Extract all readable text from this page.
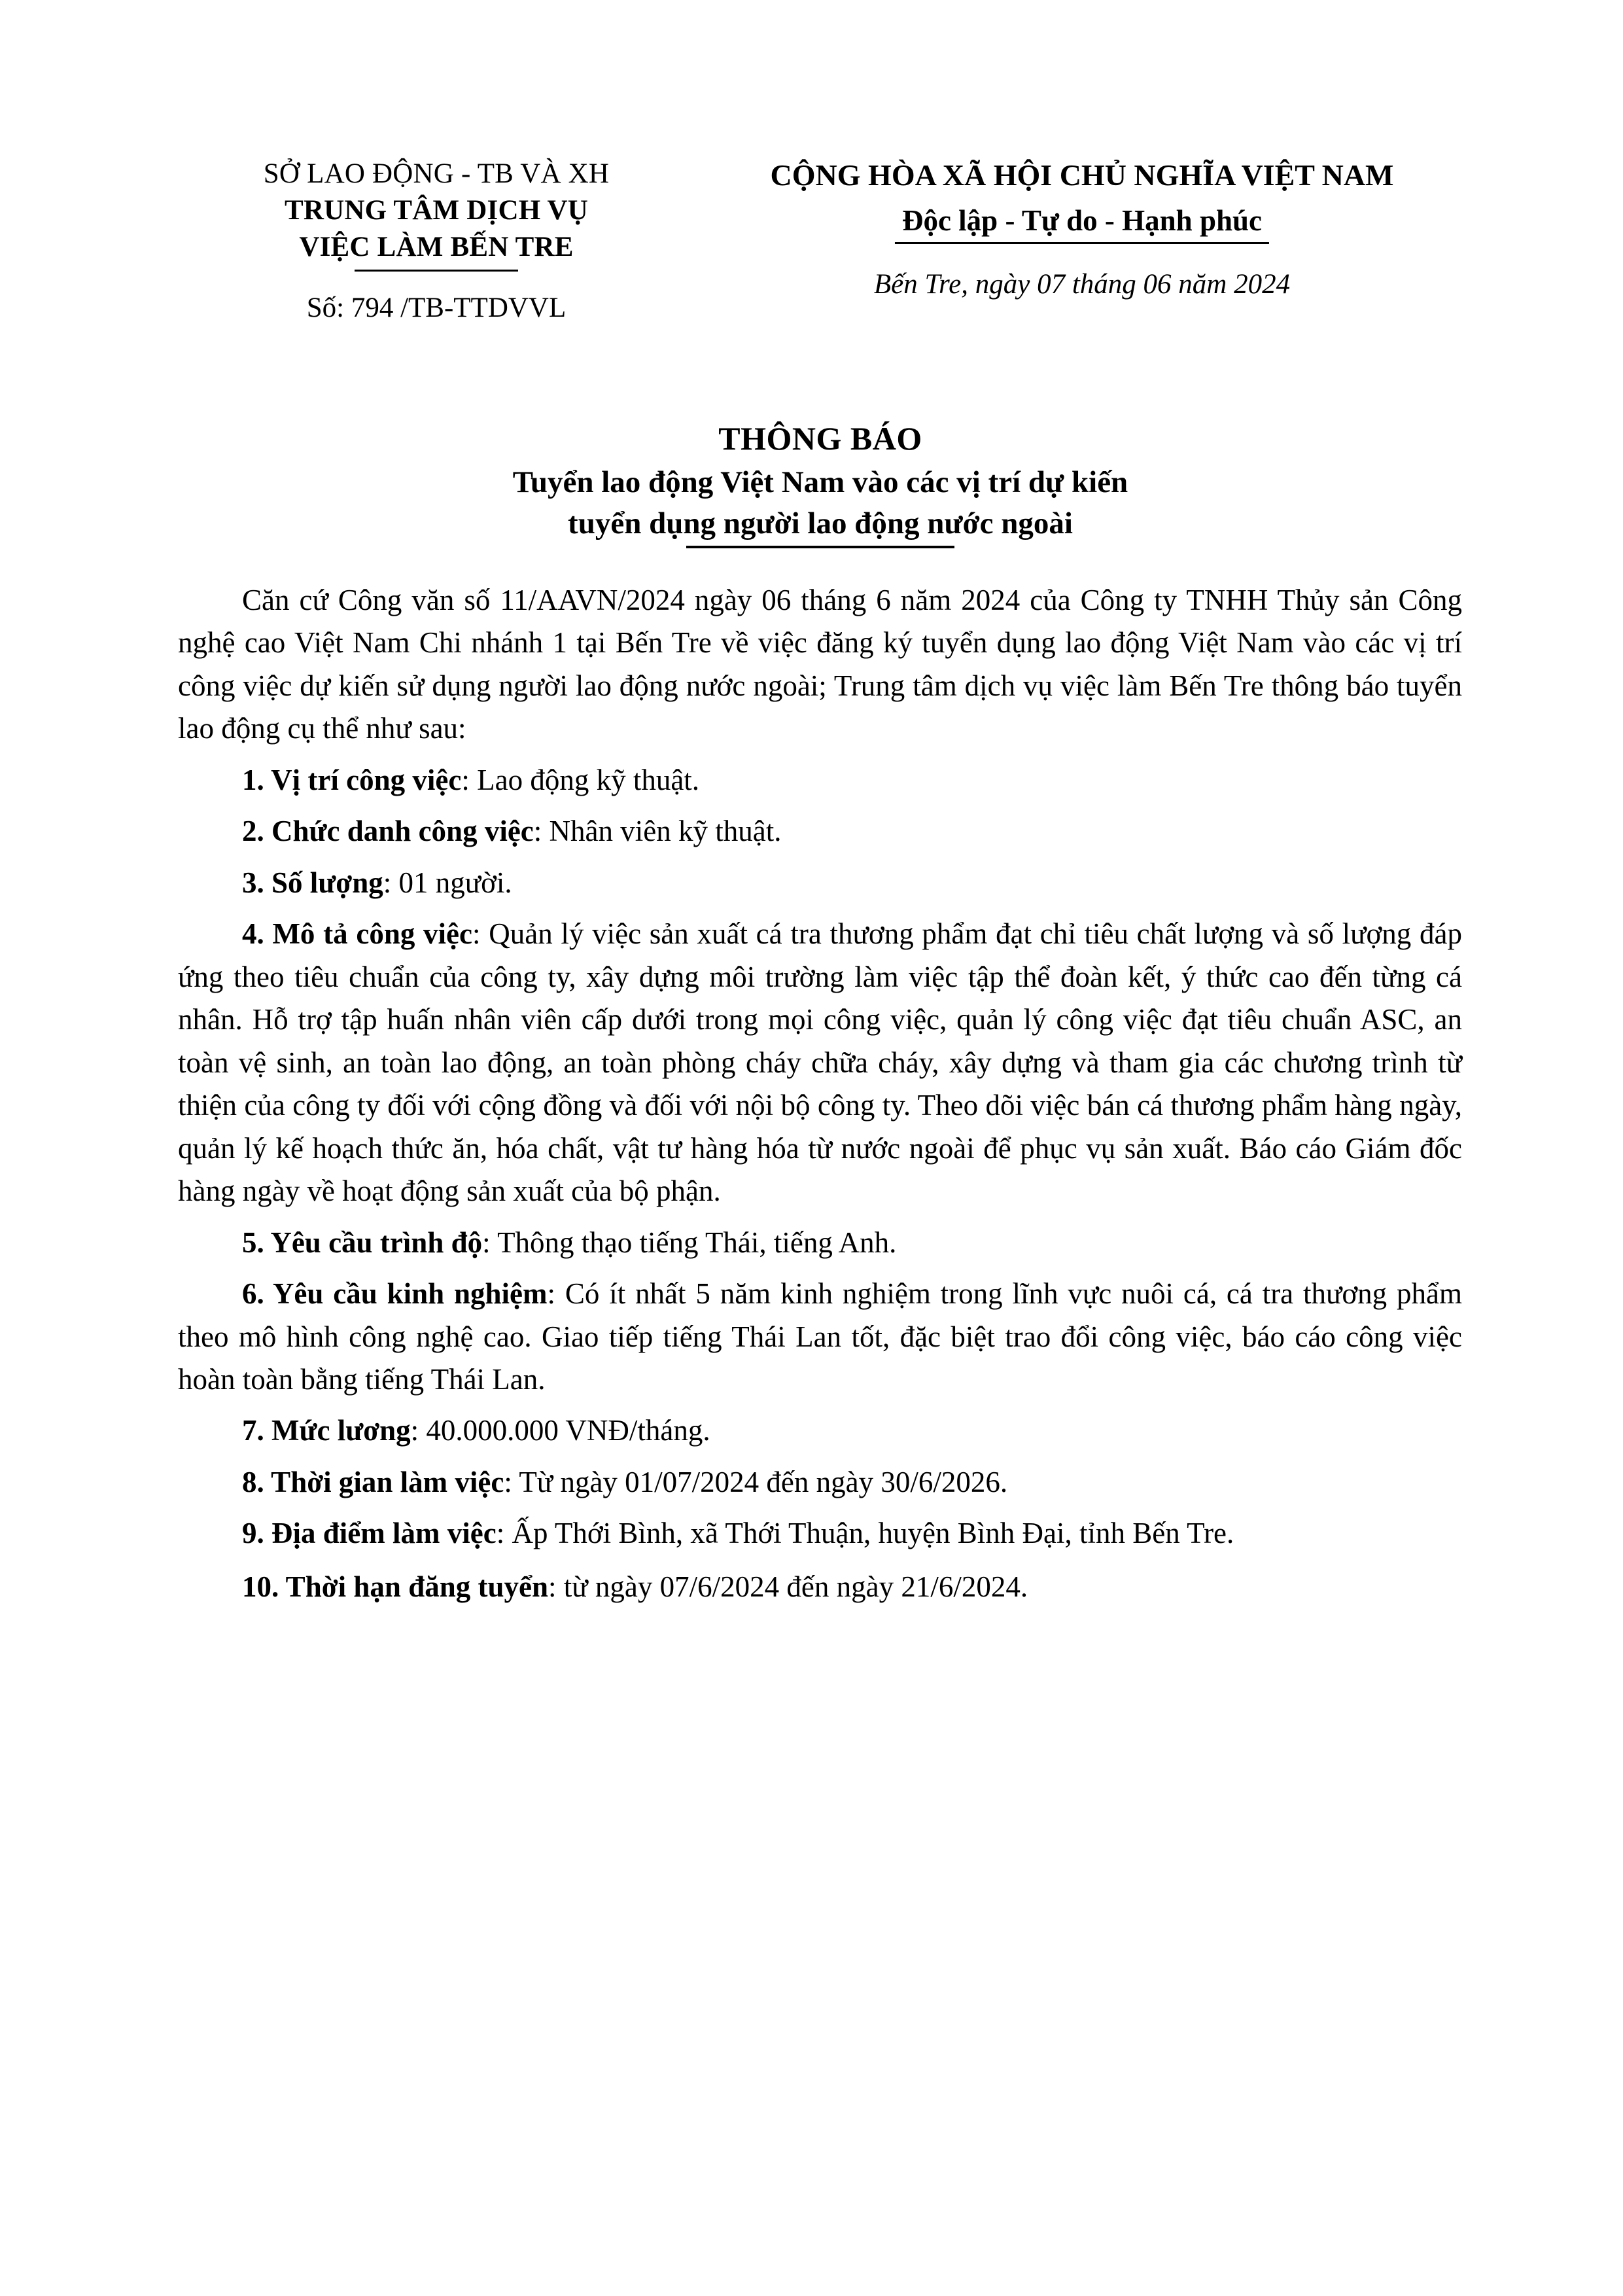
SỞ LAO ĐỘNG - TB VÀ XH
TRUNG TÂM DỊCH VỤ
VIỆC LÀM BẾN TRE
Số: 794 /TB-TTDVVL
CỘNG HÒA XÃ HỘI CHỦ NGHĨA VIỆT NAM
Độc lập - Tự do - Hạnh phúc
Bến Tre, ngày 07 tháng 06 năm 2024
THÔNG BÁO
Tuyển lao động Việt Nam vào các vị trí dự kiến
tuyển dụng người lao động nước ngoài

Căn cứ Công văn số 11/AAVN/2024 ngày 06 tháng 6 năm 2024 của Công ty TNHH Thủy sản Công nghệ cao Việt Nam Chi nhánh 1 tại Bến Tre về việc đăng ký tuyển dụng lao động Việt Nam vào các vị trí công việc dự kiến sử dụng người lao động nước ngoài; Trung tâm dịch vụ việc làm Bến Tre thông báo tuyển lao động cụ thể như sau:

1. Vị trí công việc: Lao động kỹ thuật.

2. Chức danh công việc: Nhân viên kỹ thuật.

3. Số lượng: 01 người.

4. Mô tả công việc: Quản lý việc sản xuất cá tra thương phẩm đạt chỉ tiêu chất lượng và số lượng đáp ứng theo tiêu chuẩn của công ty, xây dựng môi trường làm việc tập thể đoàn kết, ý thức cao đến từng cá nhân. Hỗ trợ tập huấn nhân viên cấp dưới trong mọi công việc, quản lý công việc đạt tiêu chuẩn ASC, an toàn vệ sinh, an toàn lao động, an toàn phòng cháy chữa cháy, xây dựng và tham gia các chương trình từ thiện của công ty đối với cộng đồng và đối với nội bộ công ty. Theo dõi việc bán cá thương phẩm hàng ngày, quản lý kế hoạch thức ăn, hóa chất, vật tư hàng hóa từ nước ngoài để phục vụ sản xuất. Báo cáo Giám đốc hàng ngày về hoạt động sản xuất của bộ phận.

5. Yêu cầu trình độ: Thông thạo tiếng Thái, tiếng Anh.

6. Yêu cầu kinh nghiệm: Có ít nhất 5 năm kinh nghiệm trong lĩnh vực nuôi cá, cá tra thương phẩm theo mô hình công nghệ cao. Giao tiếp tiếng Thái Lan tốt, đặc biệt trao đổi công việc, báo cáo công việc hoàn toàn bằng tiếng Thái Lan.

7. Mức lương: 40.000.000 VNĐ/tháng.

8. Thời gian làm việc: Từ ngày 01/07/2024 đến ngày 30/6/2026.

9. Địa điểm làm việc: Ấp Thới Bình, xã Thới Thuận, huyện Bình Đại, tỉnh Bến Tre.

10. Thời hạn đăng tuyển: từ ngày 07/6/2024 đến ngày 21/6/2024.
